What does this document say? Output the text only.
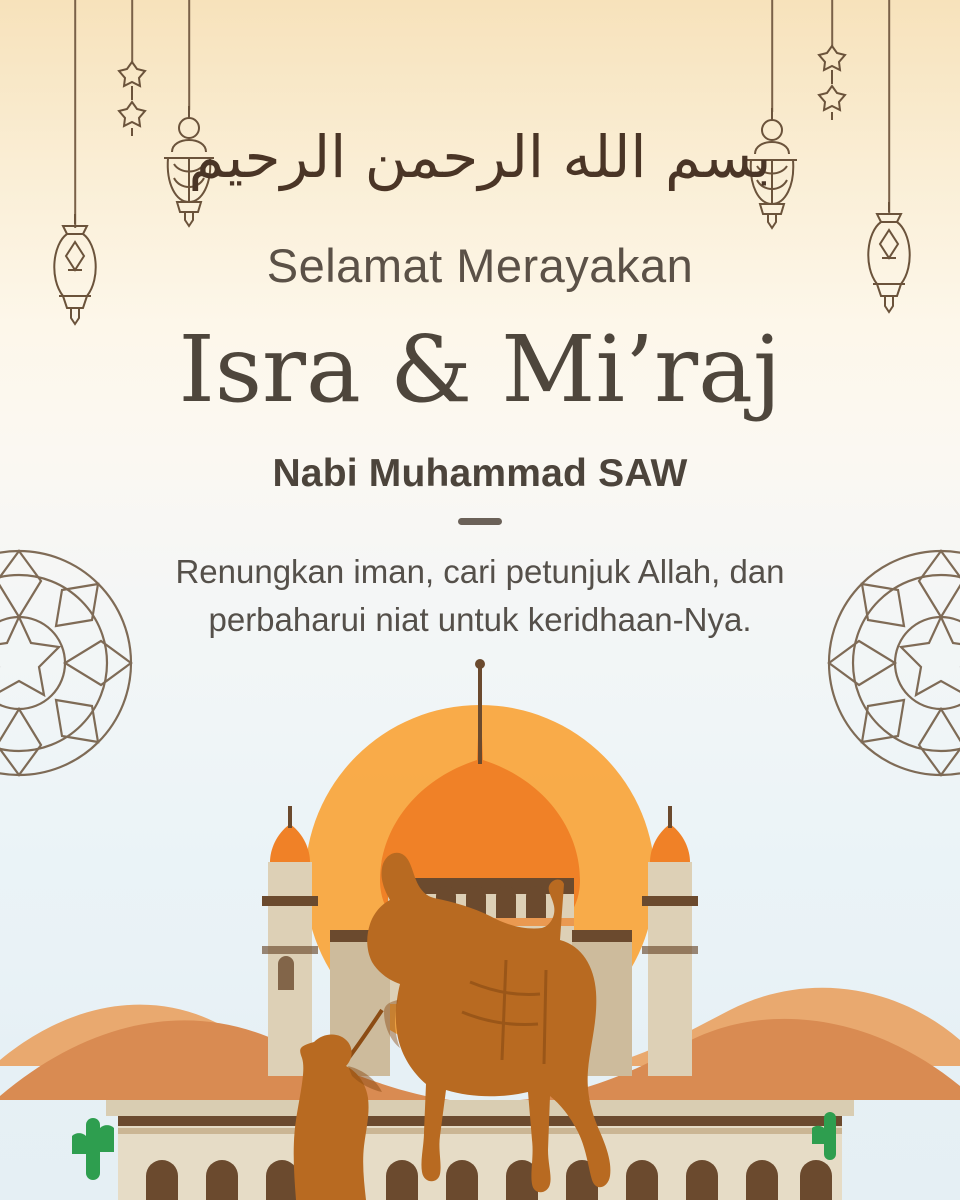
بسم الله الرحمن الرحيم
Selamat Merayakan
Isra & Mi’raj
Nabi Muhammad SAW
Renungkan iman, cari petunjuk Allah, dan
perbaharui niat untuk keridhaan-Nya.
